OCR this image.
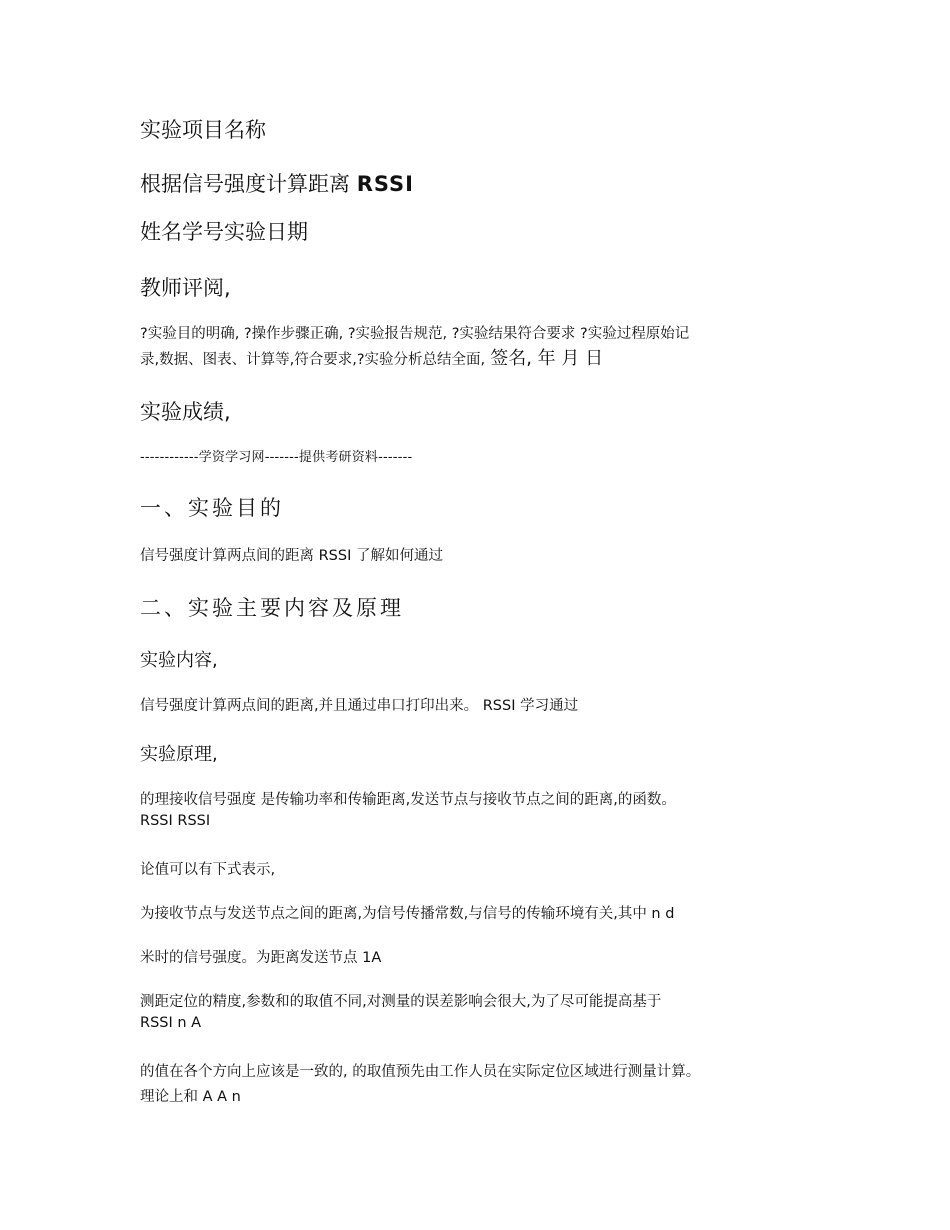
实验项目名称
根据信号强度计算距离 RSSI
姓名学号实验日期
教师评阅,
?实验目的明确, ?操作步骤正确, ?实验报告规范, ?实验结果符合要求 ?实验过程原始记
录,数据、图表、计算等,符合要求,?实验分析总结全面, 签名, 年 月 日
实验成绩,
------------学资学习网-------提供考研资料-------
一、实验目的
信号强度计算两点间的距离 RSSI 了解如何通过
二、实验主要内容及原理
实验内容,
信号强度计算两点间的距离,并且通过串口打印出来。 RSSI 学习通过
实验原理,
的理接收信号强度 是传输功率和传输距离,发送节点与接收节点之间的距离,的函数。
RSSI RSSI
论值可以有下式表示,
为接收节点与发送节点之间的距离,为信号传播常数,与信号的传输环境有关,其中 n d
米时的信号强度。为距离发送节点 1A
测距定位的精度,参数和的取值不同,对测量的误差影响会很大,为了尽可能提高基于
RSSI n A
的值在各个方向上应该是一致的, 的取值预先由工作人员在实际定位区域进行测量计算。
理论上和 A A n
